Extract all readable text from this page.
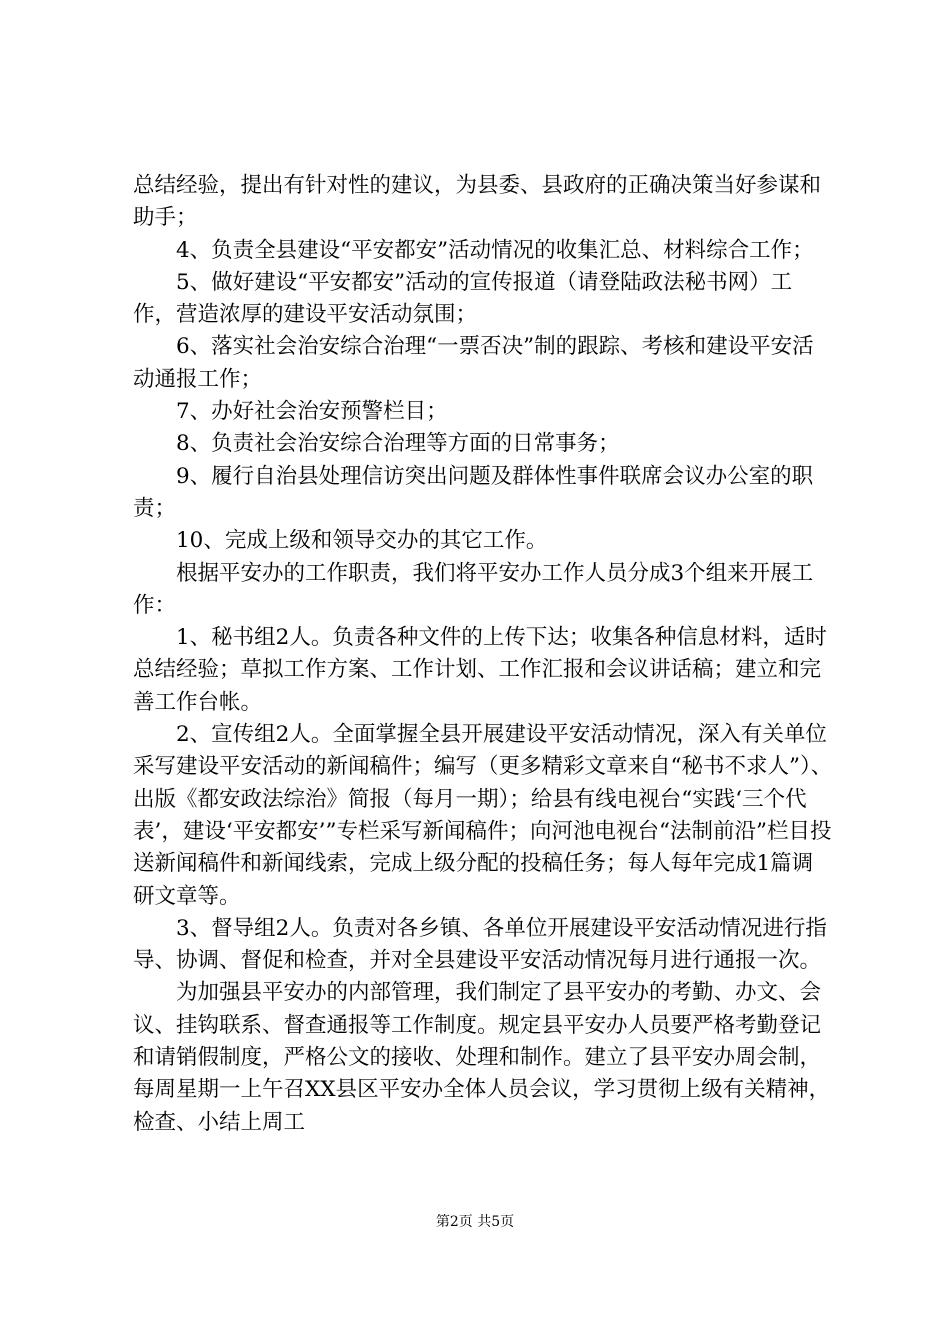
总结经验，提出有针对性的建议，为县委、县政府的正确决策当好参谋和助手；

4、负责全县建设“平安都安”活动情况的收集汇总、材料综合工作；

5、做好建设“平安都安”活动的宣传报道（请登陆政法秘书网）工作，营造浓厚的建设平安活动氛围；

6、落实社会治安综合治理“一票否决”制的跟踪、考核和建设平安活动通报工作；

7、办好社会治安预警栏目；

8、负责社会治安综合治理等方面的日常事务；

9、履行自治县处理信访突出问题及群体性事件联席会议办公室的职责；

10、完成上级和领导交办的其它工作。

根据平安办的工作职责，我们将平安办工作人员分成3个组来开展工作：

1、秘书组2人。负责各种文件的上传下达；收集各种信息材料，适时总结经验；草拟工作方案、工作计划、工作汇报和会议讲话稿；建立和完善工作台帐。

2、宣传组2人。全面掌握全县开展建设平安活动情况，深入有关单位采写建设平安活动的新闻稿件；编写（更多精彩文章来自“秘书不求人”）、出版《都安政法综治》简报（每月一期）；给县有线电视台“实践‘三个代表’，建设‘平安都安’”专栏采写新闻稿件；向河池电视台“法制前沿”栏目投送新闻稿件和新闻线索，完成上级分配的投稿任务；每人每年完成1篇调研文章等。

3、督导组2人。负责对各乡镇、各单位开展建设平安活动情况进行指导、协调、督促和检查，并对全县建设平安活动情况每月进行通报一次。

为加强县平安办的内部管理，我们制定了县平安办的考勤、办文、会议、挂钩联系、督查通报等工作制度。规定县平安办人员要严格考勤登记和请销假制度，严格公文的接收、处理和制作。建立了县平安办周会制，每周星期一上午召XX县区平安办全体人员会议，学习贯彻上级有关精神，检查、小结上周工

第2页 共5页
